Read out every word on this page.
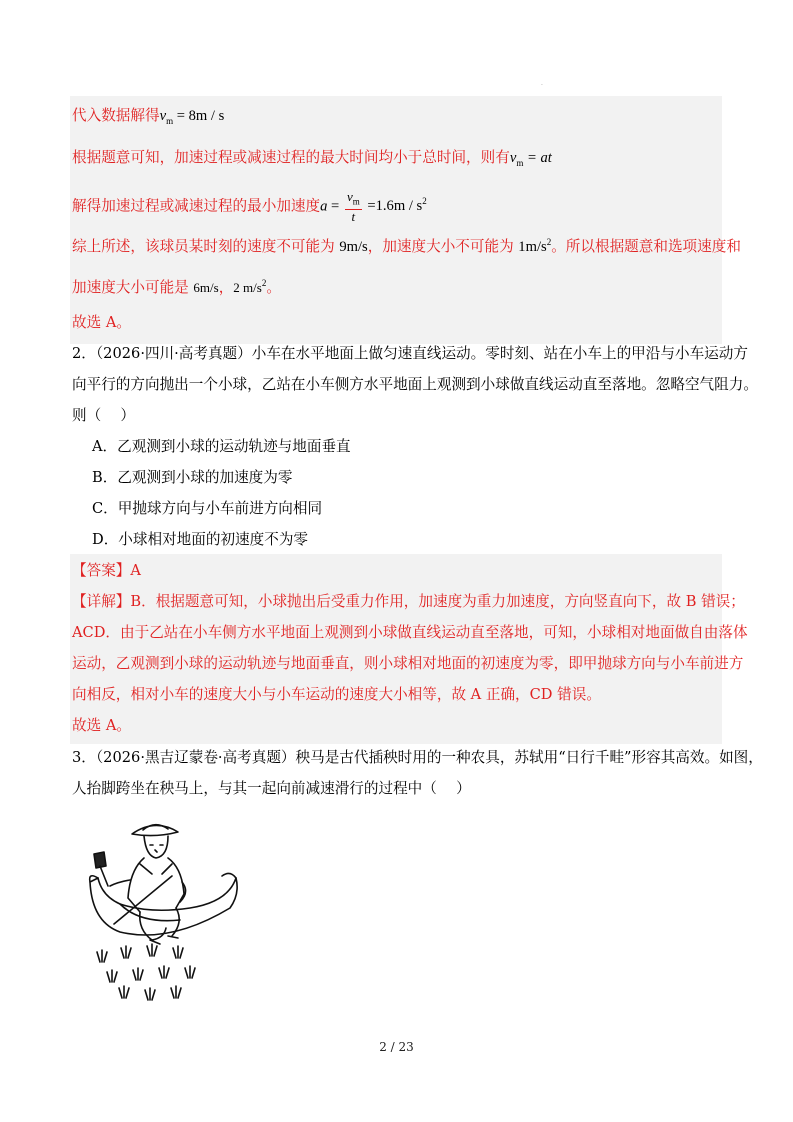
·
代入数据解得$v_m = 8m / s$
根据题意可知，加速过程或减速过程的最大时间均小于总时间，则有$v_m$ = at
解得加速过程或减速过程的最小加速度$a = \frac{v_m}{t} =1.6m / s^2$
综上所述，该球员某时刻的速度不可能为 9m/s，加速度大小不可能为 $1m/s^2$。所以根据题意和选项速度和
加速度大小可能是 6m/s，2 $m/s^2$。
故选 A。
2．（2026·四川·高考真题）小车在水平地面上做匀速直线运动。零时刻、站在小车上的甲沿与小车运动方
向平行的方向抛出一个小球，乙站在小车侧方水平地面上观测到小球做直线运动直至落地。忽略空气阻力。
则（　 ）
A．乙观测到小球的运动轨迹与地面垂直
B．乙观测到小球的加速度为零
C．甲抛球方向与小车前进方向相同
D．小球相对地面的初速度不为零
【答案】A
【详解】B．根据题意可知，小球抛出后受重力作用，加速度为重力加速度，方向竖直向下，故 B 错误；
ACD．由于乙站在小车侧方水平地面上观测到小球做直线运动直至落地，可知，小球相对地面做自由落体
运动，乙观测到小球的运动轨迹与地面垂直，则小球相对地面的初速度为零，即甲抛球方向与小车前进方
向相反，相对小车的速度大小与小车运动的速度大小相等，故 A 正确，CD 错误。
故选 A。
3．（2026·黑吉辽蒙卷·高考真题）秧马是古代插秧时用的一种农具，苏轼用“日行千畦”形容其高效。如图，
人抬脚跨坐在秧马上，与其一起向前减速滑行的过程中（　 ）
2 / 23
